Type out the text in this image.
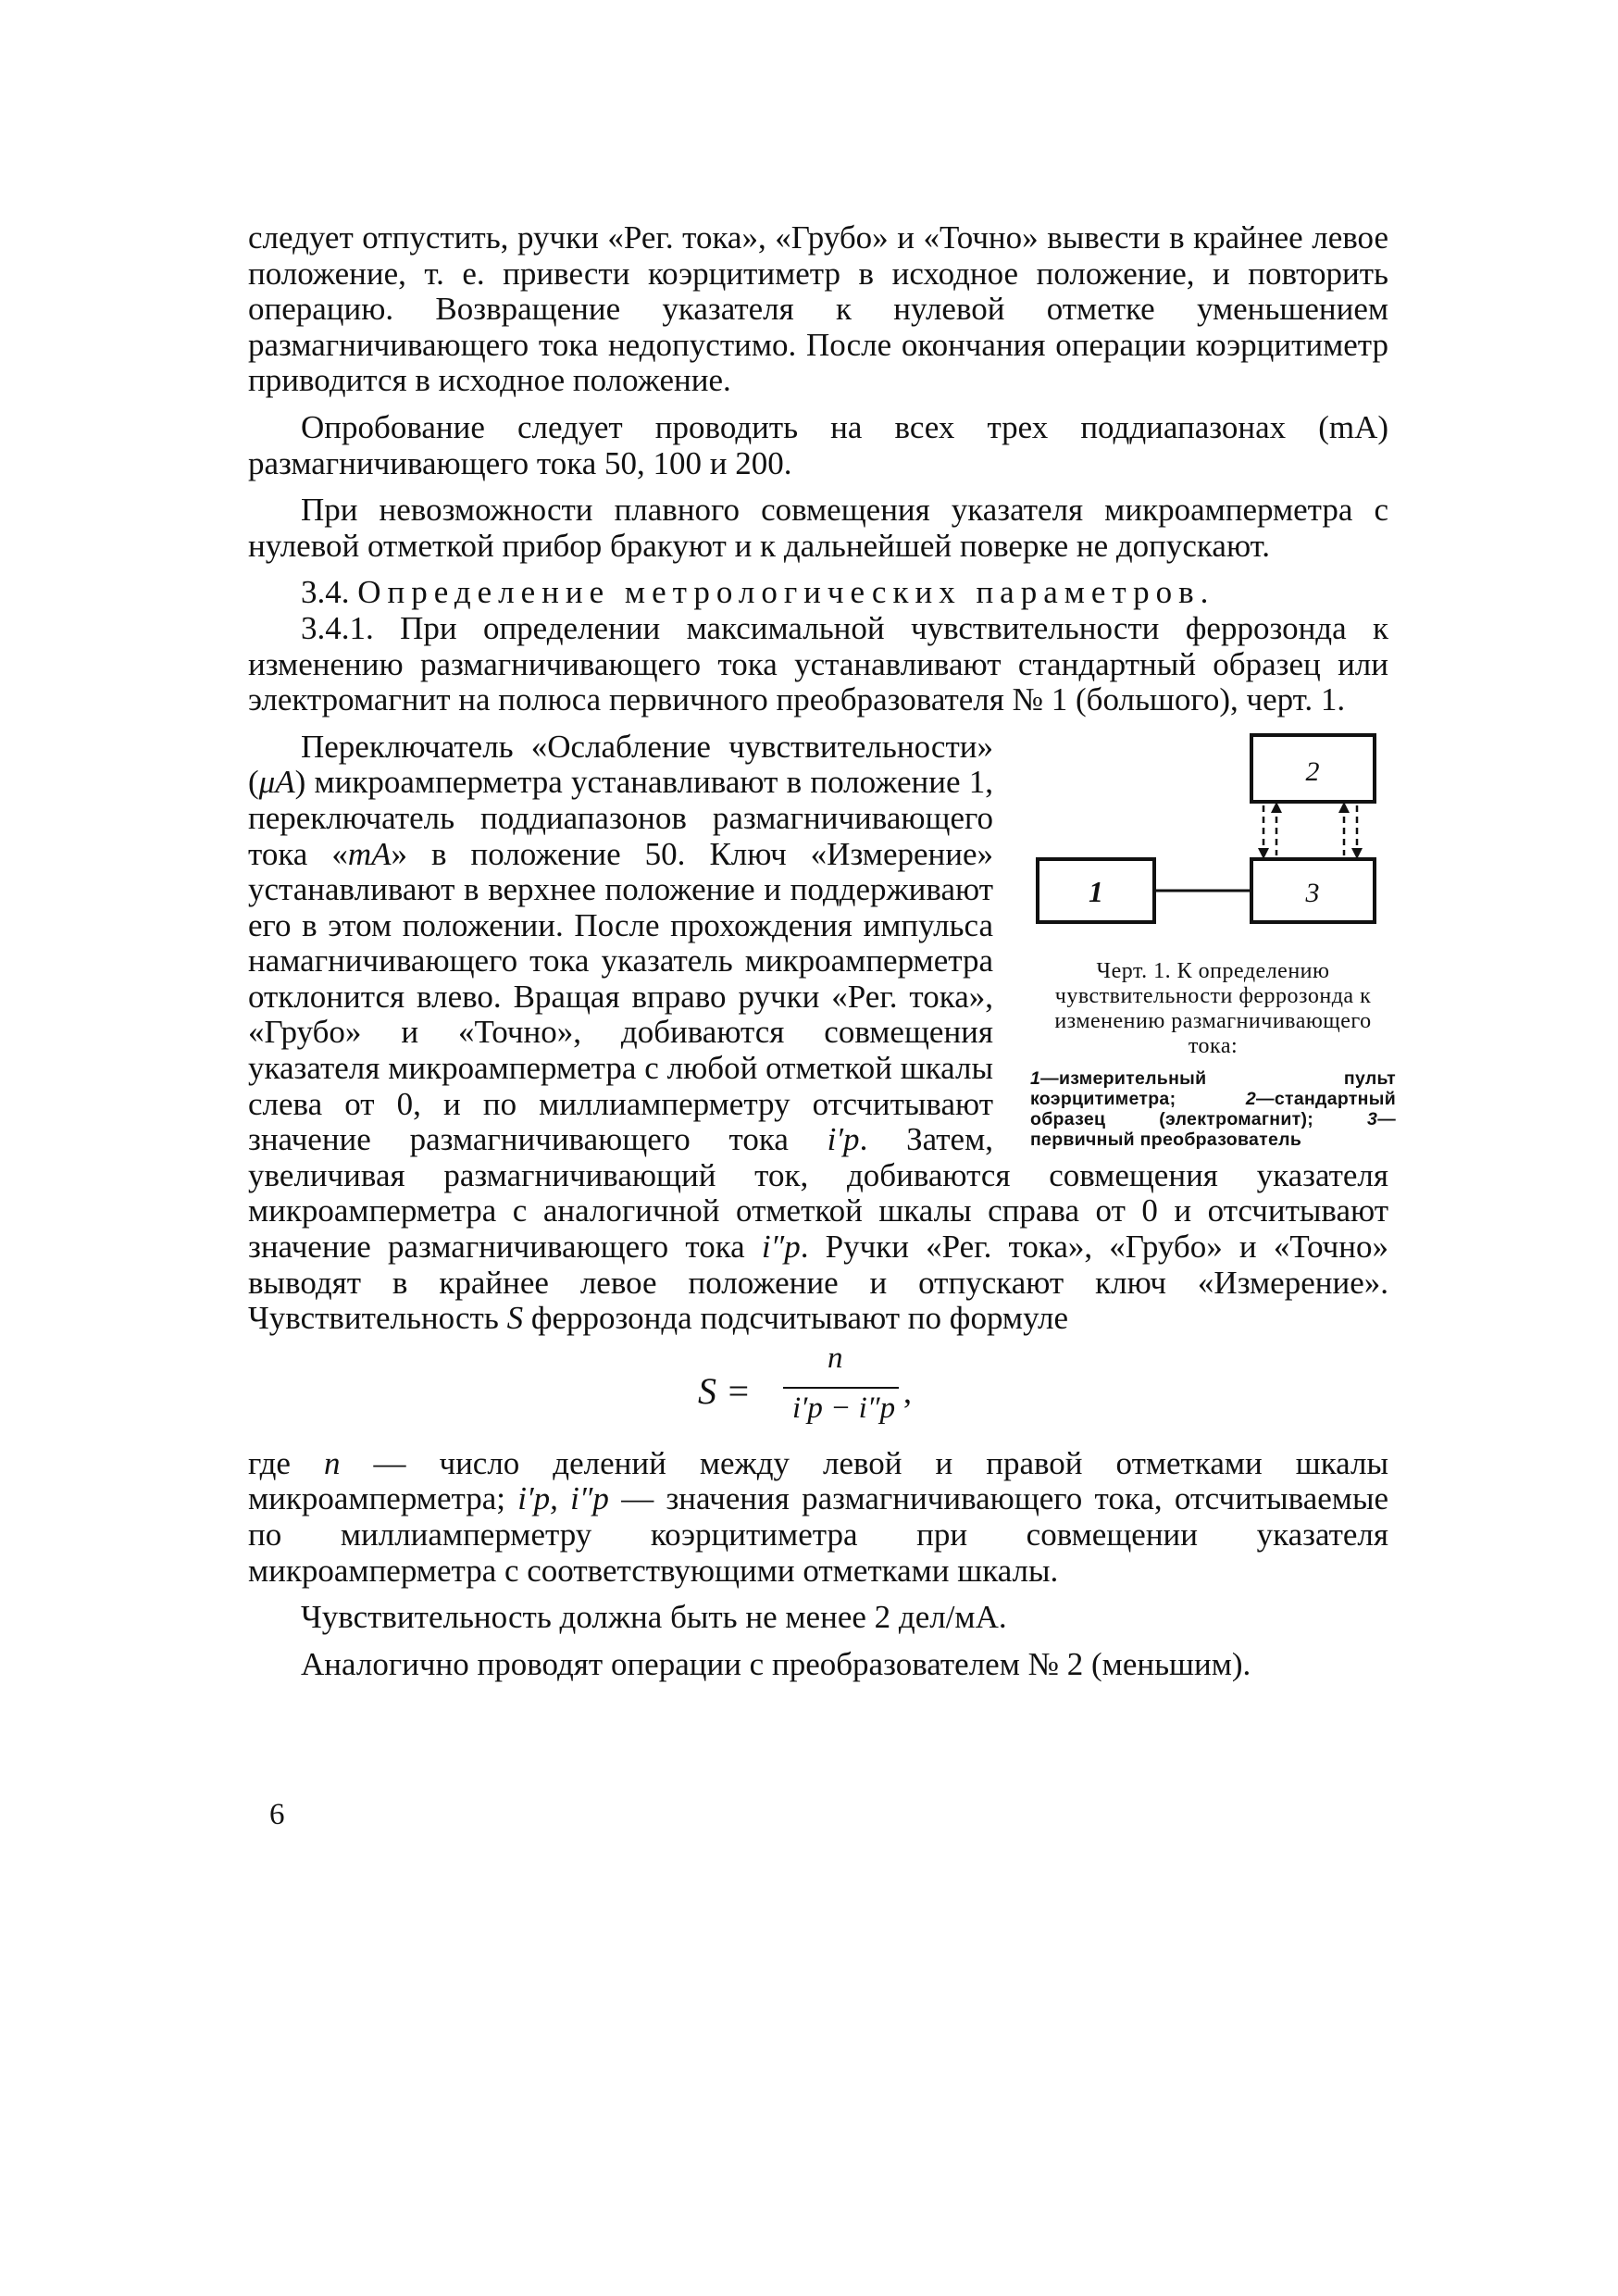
следует отпустить, ручки «Рег. тока», «Грубо» и «Точно» вывести в крайнее левое положение, т. е. привести коэрцитиметр в исходное положение, и повторить операцию. Возвращение указателя к нулевой отметке уменьшением размагничивающего тока недопустимо. После окончания операции коэрцитиметр приводится в исходное положение.

Опробование следует проводить на всех трех поддиапазонах (mA) размагничивающего тока 50, 100 и 200.

При невозможности плавного совмещения указателя микроамперметра с нулевой отметкой прибор бракуют и к дальнейшей поверке не допускают.

3.4. Определение метрологических параметров.

3.4.1. При определении максимальной чувствительности феррозонда к изменению размагничивающего тока устанавливают стандартный образец или электромагнит на полюса первичного преобразователя № 1 (большого), черт. 1.

2
1	3
Черт. 1. К определению чувствительности феррозонда к изменению размагничивающего тока:
1—измерительный пульт коэрцитиметра; 2—стандартный образец (электромагнит); 3—первичный преобразователь

Переключатель «Ослабление чувствительности» (μA) микроамперметра устанавливают в положение 1, переключатель поддиапазонов размагничивающего тока «mA» в положение 50. Ключ «Измерение» устанавливают в верхнее положение и поддерживают его в этом положении. После прохождения импульса намагничивающего тока указатель микроамперметра отклонится влево. Вращая вправо ручки «Рег. тока», «Грубо» и «Точно», добиваются совмещения указателя микроамперметра с любой отметкой шкалы слева от 0, и по миллиамперметру отсчитывают значение размагничивающего тока i′р. Затем, увеличивая размагничивающий ток, добиваются совмещения указателя микроамперметра с аналогичной отметкой шкалы справа от 0 и отсчитывают значение размагничивающего тока i″р. Ручки «Рег. тока», «Грубо» и «Точно» выводят в крайнее левое положение и отпускают ключ «Измерение». Чувствительность S феррозонда подсчитывают по формуле

S =
n
i′р − i″р ,

где n — число делений между левой и правой отметками шкалы микроамперметра; i′р, i″р — значения размагничивающего тока, отсчитываемые по миллиамперметру коэрцитиметра при совмещении указателя микроамперметра с соответствующими отметками шкалы.

Чувствительность должна быть не менее 2 дел/мА.

Аналогично проводят операции с преобразователем № 2 (меньшим).

6
